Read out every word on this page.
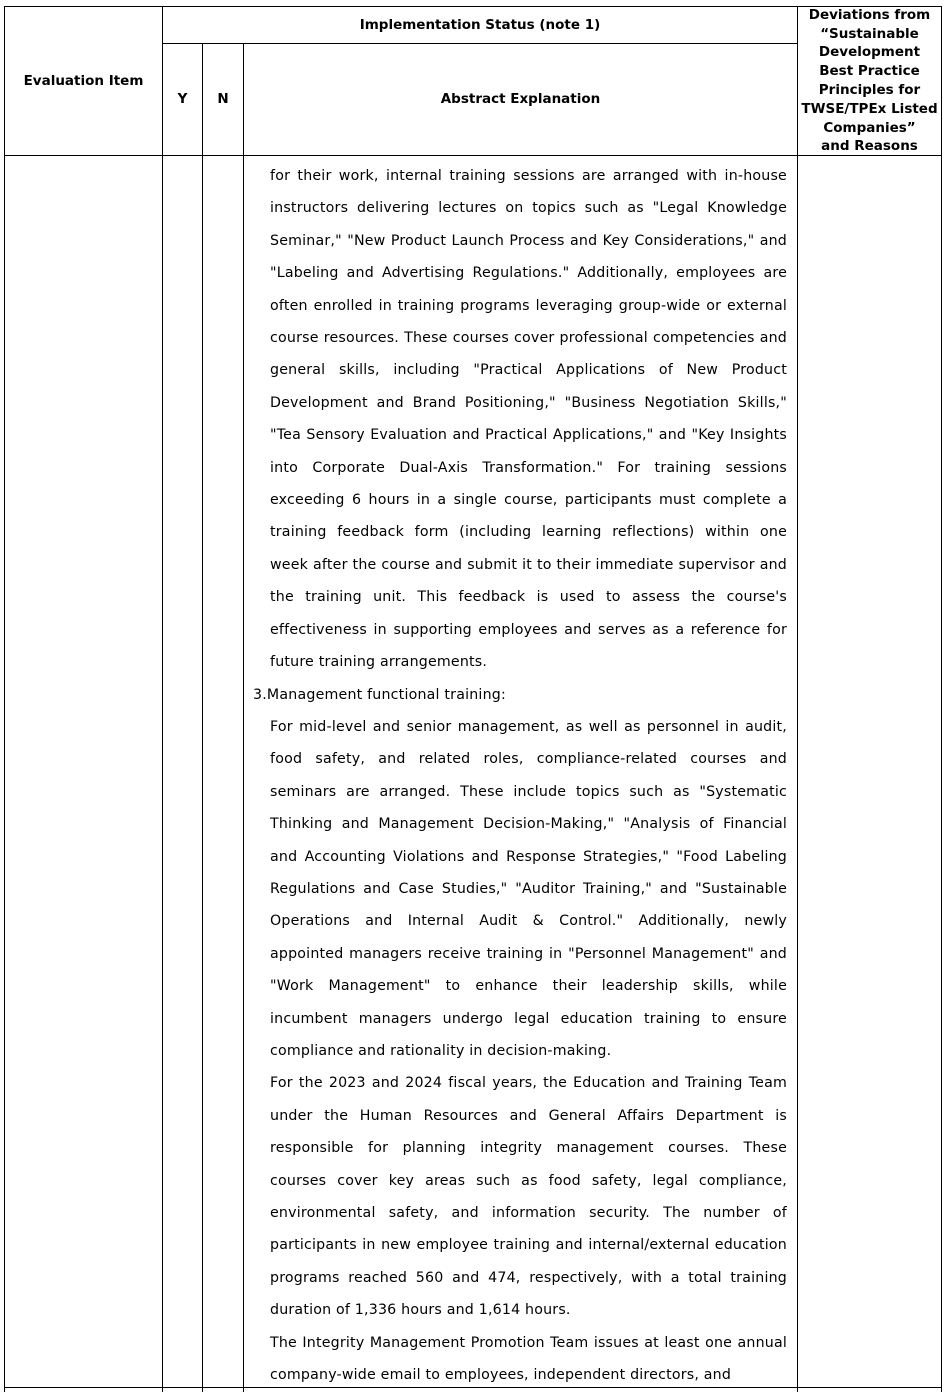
Evaluation Item
Implementation Status (note 1)
Y N	Abstract Explanation
Deviations from
“Sustainable
Development
Best Practice
Principles for
TWSE/TPEx Listed
Companies”
and Reasons

for their work, internal training sessions are arranged with in-house instructors delivering lectures on topics such as "Legal Knowledge Seminar," "New Product Launch Process and Key Considerations," and "Labeling and Advertising Regulations." Additionally, employees are often enrolled in training programs leveraging group-wide or external course resources. These courses cover professional competencies and general skills, including "Practical Applications of New Product Development and Brand Positioning," "Business Negotiation Skills," "Tea Sensory Evaluation and Practical Applications," and "Key Insights into Corporate Dual-Axis Transformation." For training sessions exceeding 6 hours in a single course, participants must complete a training feedback form (including learning reflections) within one week after the course and submit it to their immediate supervisor and the training unit. This feedback is used to assess the course's effectiveness in supporting employees and serves as a reference for future training arrangements.

3.Management functional training:

For mid-level and senior management, as well as personnel in audit, food safety, and related roles, compliance-related courses and seminars are arranged. These include topics such as "Systematic Thinking and Management Decision-Making," "Analysis of Financial and Accounting Violations and Response Strategies," "Food Labeling Regulations and Case Studies," "Auditor Training," and "Sustainable Operations and Internal Audit & Control." Additionally, newly appointed managers receive training in "Personnel Management" and "Work Management" to enhance their leadership skills, while incumbent managers undergo legal education training to ensure compliance and rationality in decision-making.

For the 2023 and 2024 fiscal years, the Education and Training Team under the Human Resources and General Affairs Department is responsible for planning integrity management courses. These courses cover key areas such as food safety, legal compliance, environmental safety, and information security. The number of participants in new employee training and internal/external education programs reached 560 and 474, respectively, with a total training duration of 1,336 hours and 1,614 hours.

The Integrity Management Promotion Team issues at least one annual company-wide email to employees, independent directors, and
